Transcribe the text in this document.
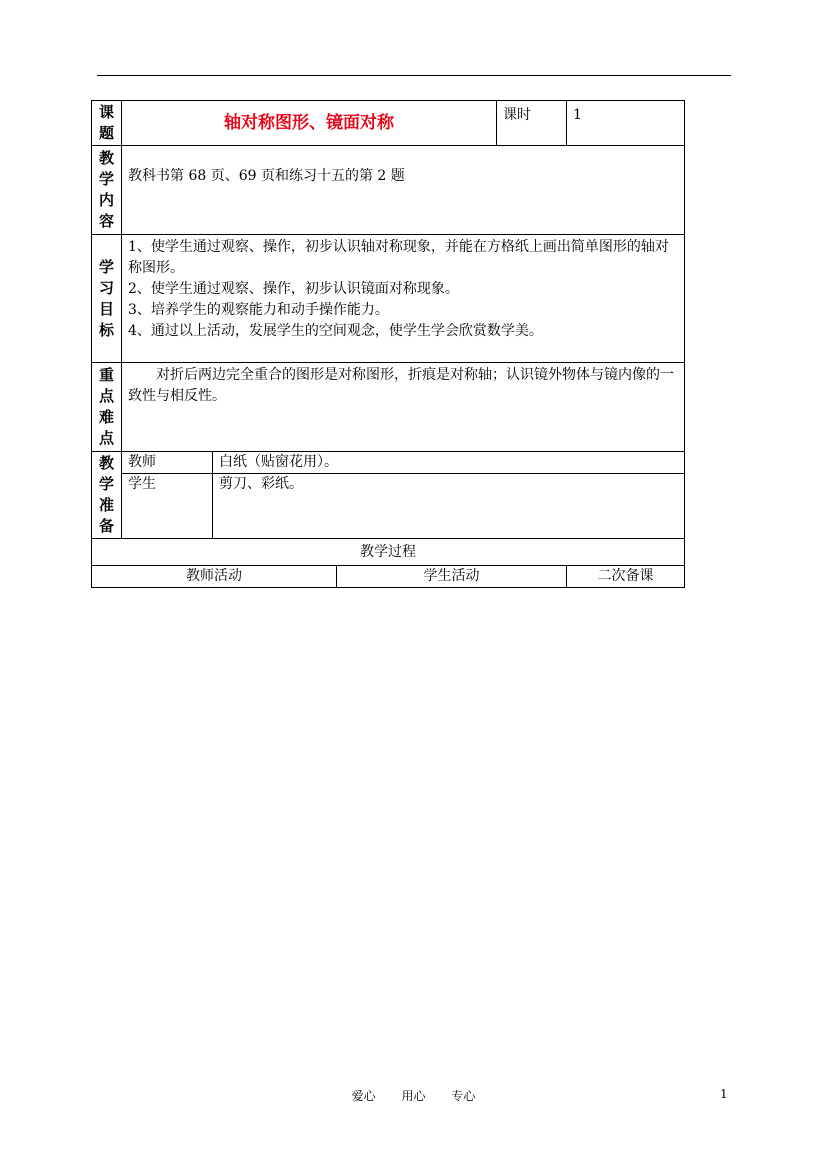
课题	轴对称图形、镜面对称			课时	1
教学内容	教科书第 68 页、69 页和练习十五的第 2 题				
学习目标	1、使学生通过观察、操作，初步认识轴对称现象，并能在方格纸上画出简单图形的轴对称图形。
2、使学生通过观察、操作，初步认识镜面对称现象。
3、培养学生的观察能力和动手操作能力。
4、通过以上活动，发展学生的空间观念，使学生学会欣赏数学美。				

重点难点	对折后两边完全重合的图形是对称图形，折痕是对称轴；认识镜外物体与镜内像的一致性与相反性。				
教学准备	教师	白纸（贴窗花用）。			
	学生	剪刀、彩纸。			
教学过程					
教师活动			学生活动		二次备课
爱心 用心 专心	1
